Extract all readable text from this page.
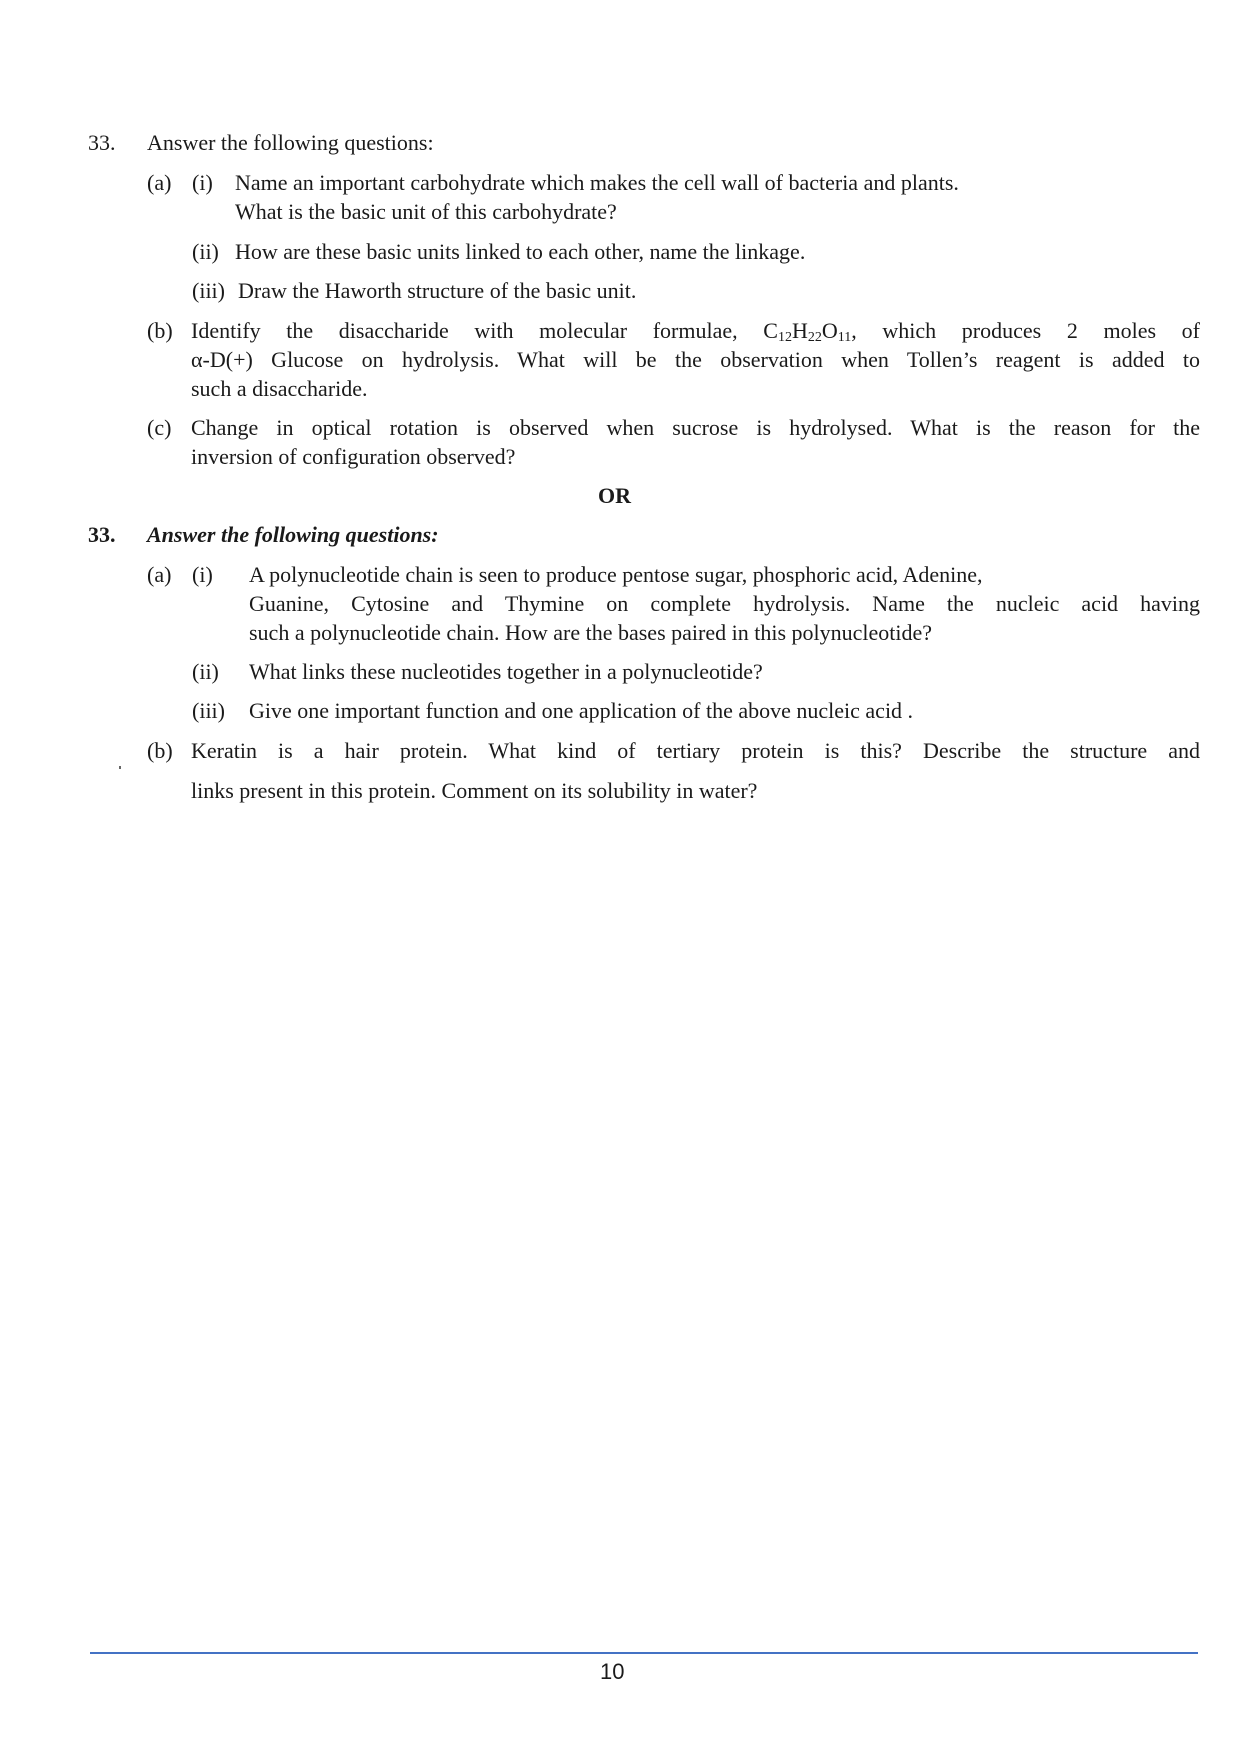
33. Answer the following questions:
(a) (i) Name an important carbohydrate which makes the cell wall of bacteria and plants.
What is the basic unit of this carbohydrate?
(ii) How are these basic units linked to each other, name the linkage.
(iii) Draw the Haworth structure of the basic unit.
(b) Identify the disaccharide with molecular formulae, $C_{12}H_{22}O_{11}$, which produces 2 moles of
α-D(+) Glucose on hydrolysis. What will be the observation when Tollen’s reagent is added to
such a disaccharide.
(c) Change in optical rotation is observed when sucrose is hydrolysed. What is the reason for the
inversion of configuration observed?
OR
33. Answer the following questions:
(a) (i) A polynucleotide chain is seen to produce pentose sugar, phosphoric acid, Adenine,
Guanine, Cytosine and Thymine on complete hydrolysis. Name the nucleic acid having
such a polynucleotide chain. How are the bases paired in this polynucleotide?
(ii) What links these nucleotides together in a polynucleotide?
(iii) Give one important function and one application of the above nucleic acid .
(b) Keratin is a hair protein. What kind of tertiary protein is this? Describe the structure and
links present in this protein. Comment on its solubility in water?
10
